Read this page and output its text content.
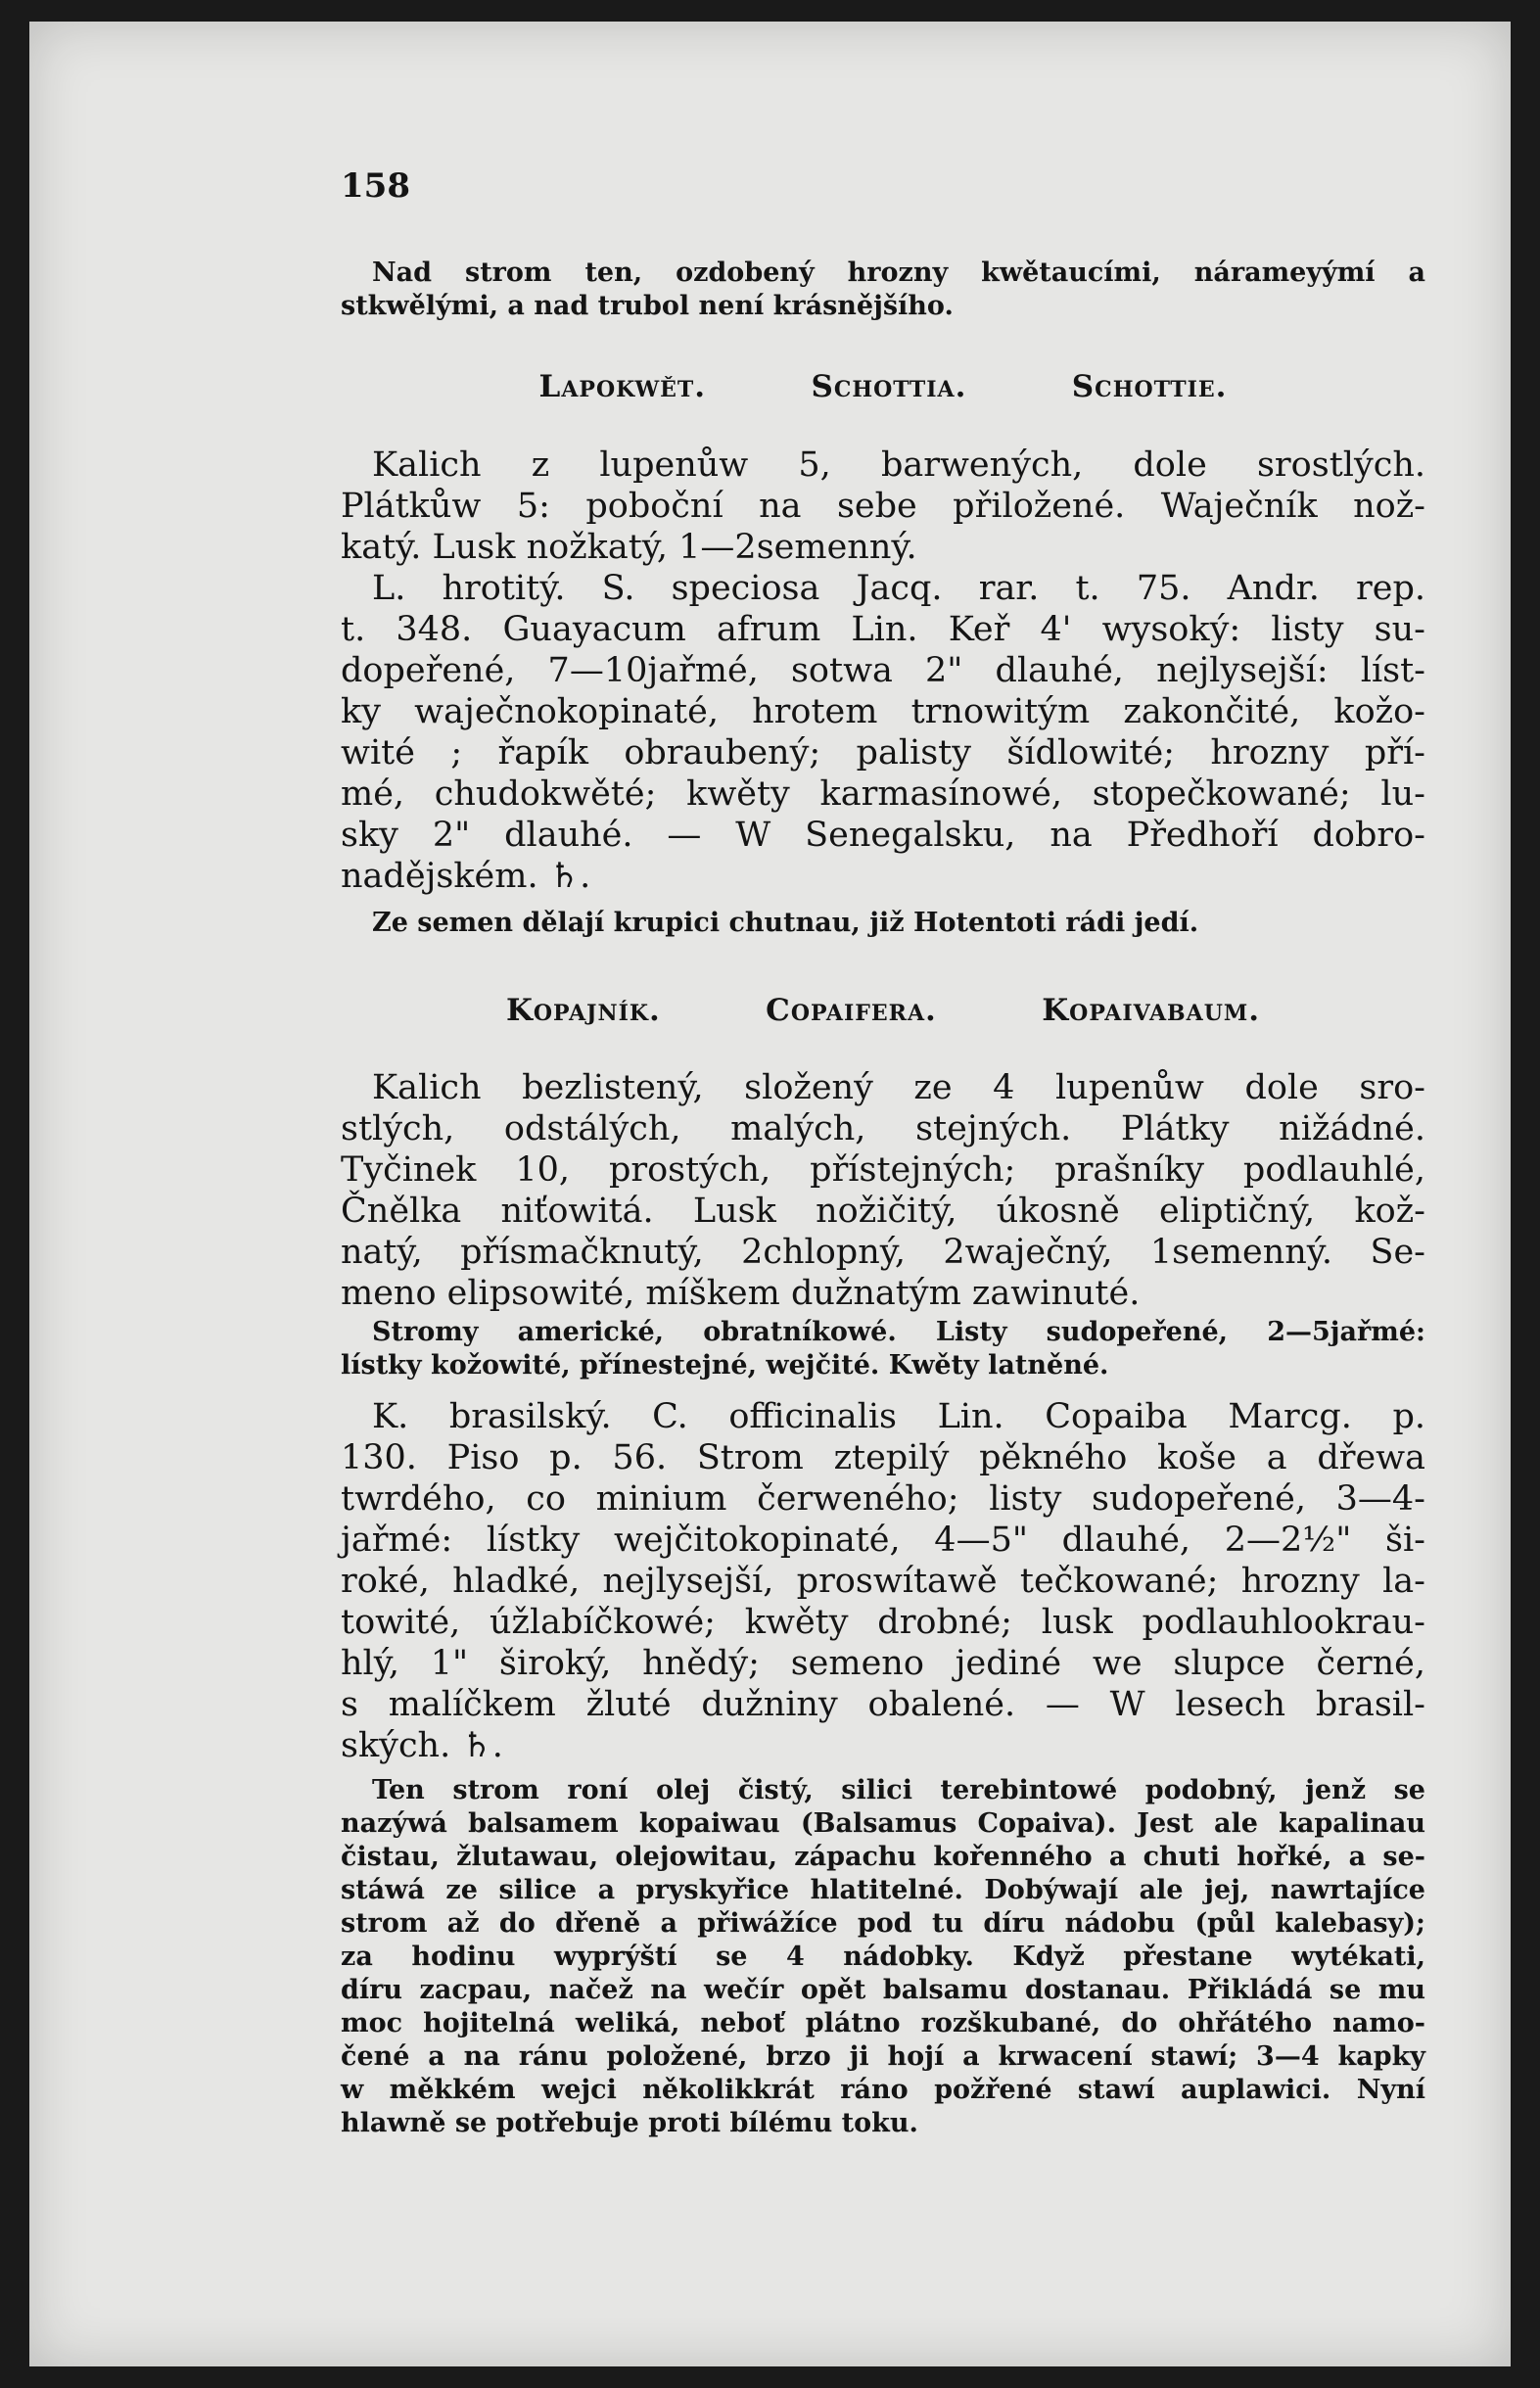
158
Nad strom ten, ozdobený hrozny kwětaucími, nárameyýmí a
stkwělými, a nad trubol není krásnějšího.
Lapokwět.   Schottia.   Schottie.
Kalich z lupenůw 5, barwených, dole srostlých.
Plátkůw 5: poboční na sebe přiložené. Waječník nož-
katý. Lusk nožkatý, 1—2semenný.
L. hrotitý. S. speciosa Jacq. rar. t. 75. Andr. rep.
t. 348. Guayacum afrum Lin. Keř 4' wysoký: listy su-
dopeřené, 7—10jařmé, sotwa 2" dlauhé, nejlysejší: líst-
ky waječnokopinaté, hrotem trnowitým zakončité, kožo-
wité ; řapík obraubený; palisty šídlowité; hrozny pří-
mé, chudokwěté; kwěty karmasínowé, stopečkowané; lu-
sky 2" dlauhé. — W Senegalsku, na Předhoří dobro-
nadějském. ♄.
Ze semen dělají krupici chutnau, již Hotentoti rádi jedí.
Kopajník.   Copaifera.   Kopaivabaum.
Kalich bezlistený, složený ze 4 lupenůw dole sro-
stlých, odstálých, malých, stejných. Plátky nižádné.
Tyčinek 10, prostých, přístejných; prašníky podlauhlé,
Čnělka niťowitá. Lusk nožičitý, úkosně eliptičný, kož-
natý, přísmačknutý, 2chlopný, 2waječný, 1semenný. Se-
meno elipsowité, míškem dužnatým zawinuté.
Stromy americké, obratníkowé. Listy sudopeřené, 2—5jařmé:
lístky kožowité, přínestejné, wejčité. Kwěty latněné.
K. brasilský. C. officinalis Lin. Copaiba Marcg. p.
130. Piso p. 56. Strom ztepilý pěkného koše a dřewa
twrdého, co minium čerweného; listy sudopeřené, 3—4-
jařmé: lístky wejčitokopinaté, 4—5" dlauhé, 2—2½" ši-
roké, hladké, nejlysejší, proswítawě tečkowané; hrozny la-
towité, úžlabíčkowé; kwěty drobné; lusk podlauhlookrau-
hlý, 1" široký, hnědý; semeno jediné we slupce černé,
s malíčkem žluté dužniny obalené. — W lesech brasil-
ských. ♄.
Ten strom roní olej čistý, silici terebintowé podobný, jenž se
nazýwá balsamem kopaiwau (Balsamus Copaiva). Jest ale kapalinau
čistau, žlutawau, olejowitau, zápachu kořenného a chuti hořké, a se-
stáwá ze silice a pryskyřice hlatitelné. Dobýwají ale jej, nawrtajíce
strom až do dřeně a přiwážíce pod tu díru nádobu (půl kalebasy);
za hodinu wyprýští se 4 nádobky. Když přestane wytékati,
díru zacpau, načež na wečír opět balsamu dostanau. Přikládá se mu
moc hojitelná weliká, neboť plátno rozškubané, do ohřátého namo-
čené a na ránu položené, brzo ji hojí a krwacení stawí; 3—4 kapky
w měkkém wejci několikkrát ráno požřené stawí auplawici. Nyní
hlawně se potřebuje proti bílému toku.
